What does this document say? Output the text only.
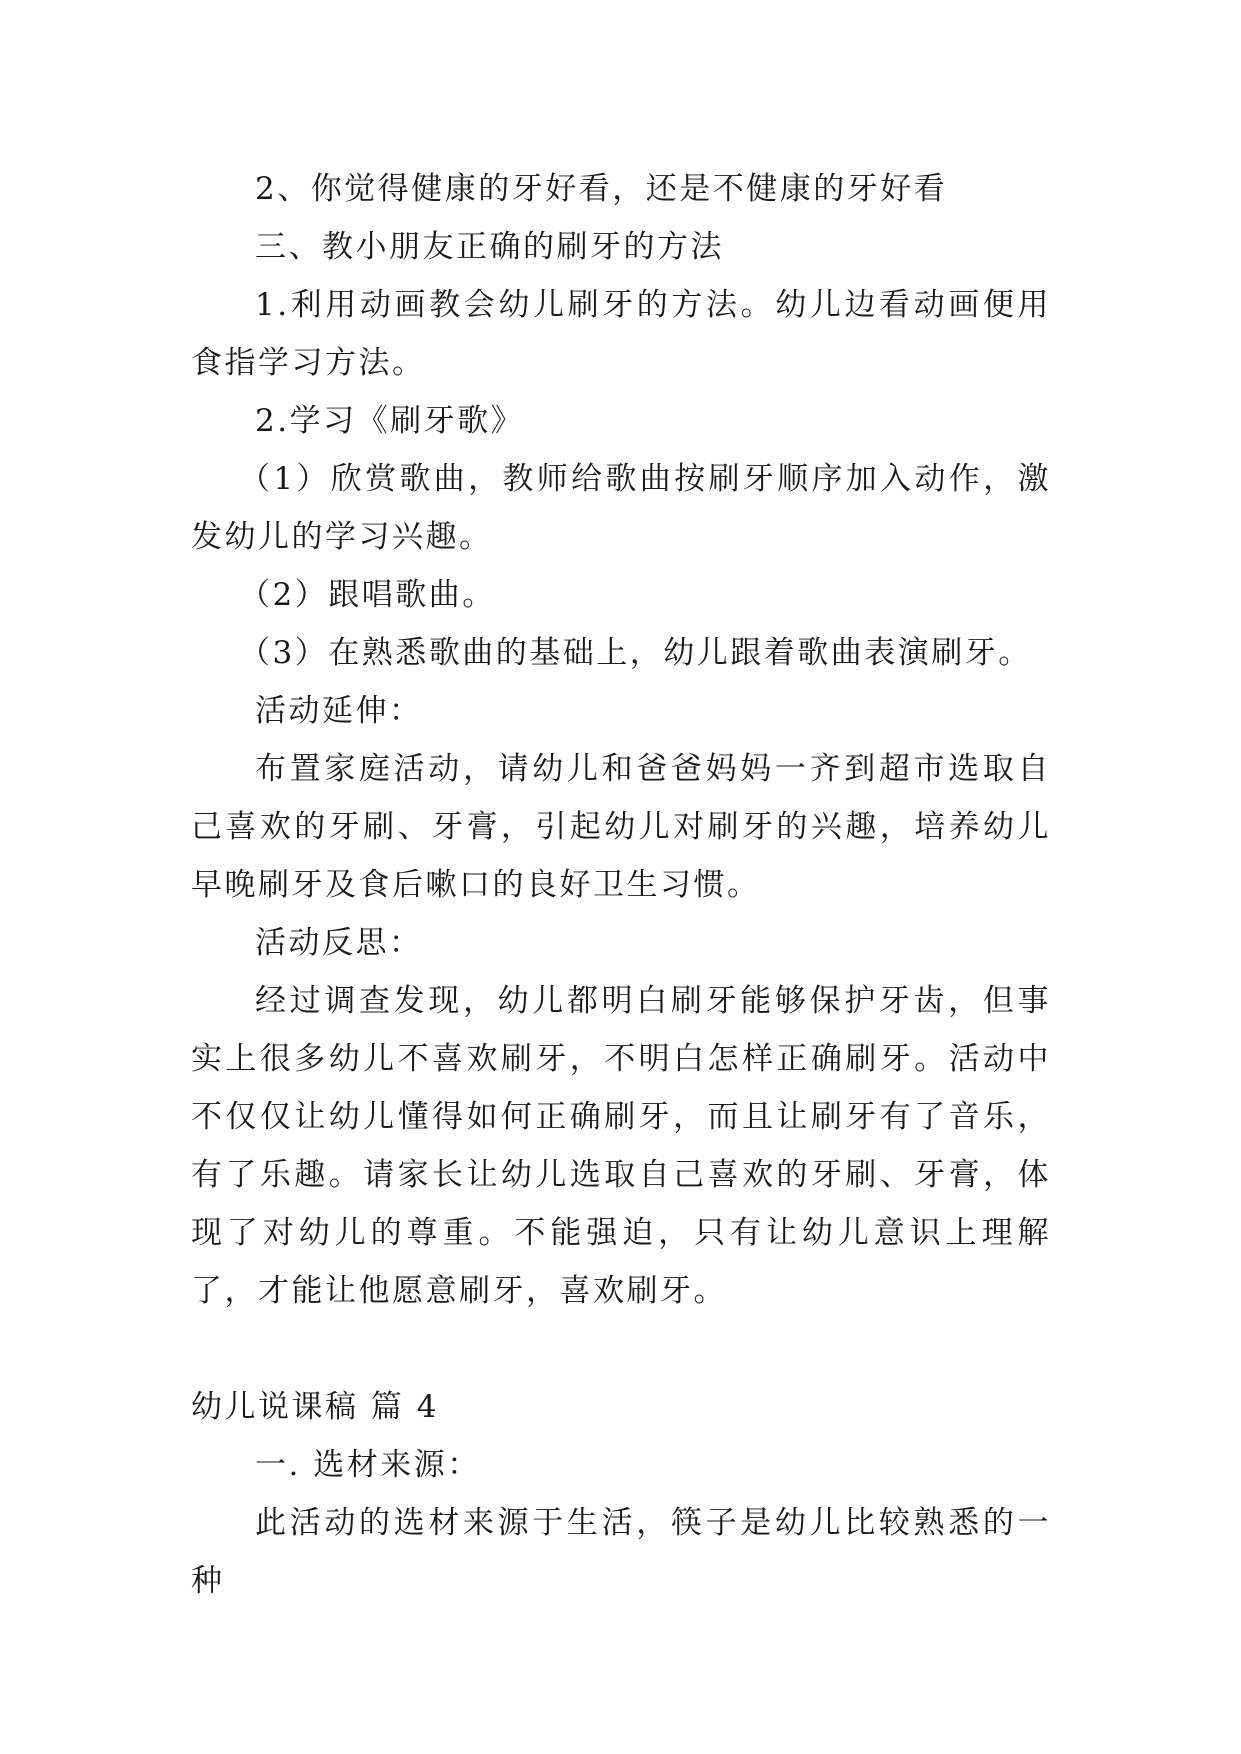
2、你觉得健康的牙好看，还是不健康的牙好看

三、教小朋友正确的刷牙的方法

1.利用动画教会幼儿刷牙的方法。幼儿边看动画便用食指学习方法。

2.学习《刷牙歌》

（1）欣赏歌曲，教师给歌曲按刷牙顺序加入动作，激发幼儿的学习兴趣。

（2）跟唱歌曲。

（3）在熟悉歌曲的基础上，幼儿跟着歌曲表演刷牙。

活动延伸：

布置家庭活动，请幼儿和爸爸妈妈一齐到超市选取自己喜欢的牙刷、牙膏，引起幼儿对刷牙的兴趣，培养幼儿早晚刷牙及食后嗽口的良好卫生习惯。

活动反思：

经过调查发现，幼儿都明白刷牙能够保护牙齿，但事实上很多幼儿不喜欢刷牙，不明白怎样正确刷牙。活动中不仅仅让幼儿懂得如何正确刷牙，而且让刷牙有了音乐，有了乐趣。请家长让幼儿选取自己喜欢的牙刷、牙膏，体现了对幼儿的尊重。不能强迫，只有让幼儿意识上理解了，才能让他愿意刷牙，喜欢刷牙。

幼儿说课稿 篇 4

一. 选材来源：

此活动的选材来源于生活，筷子是幼儿比较熟悉的一种
